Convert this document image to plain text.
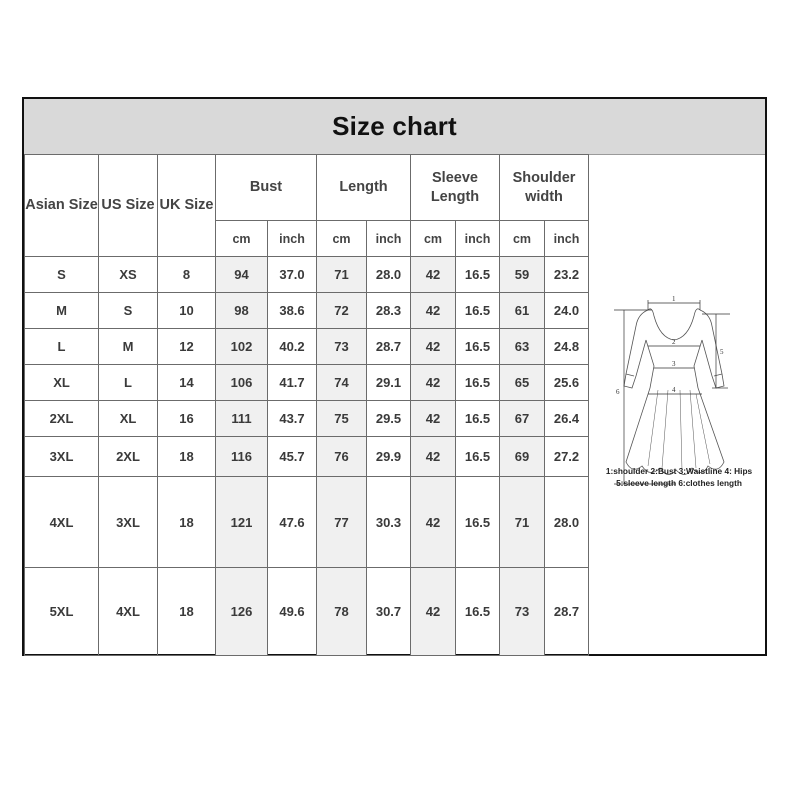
Size chart
Asian Size	US Size	UK Size	Bust		Length		Sleeve Length		Shoulder width	
			cm	inch	cm	inch	cm	inch	cm	inch
S	XS	8	94	37.0	71	28.0	42	16.5	59	23.2
M	S	10	98	38.6	72	28.3	42	16.5	61	24.0
L	M	12	102	40.2	73	28.7	42	16.5	63	24.8
XL	L	14	106	41.7	74	29.1	42	16.5	65	25.6
2XL	XL	16	111	43.7	75	29.5	42	16.5	67	26.4
3XL	2XL	18	116	45.7	76	29.9	42	16.5	69	27.2
4XL	3XL	18	121	47.6	77	30.3	42	16.5	71	28.0
5XL	4XL	18	126	49.6	78	30.7	42	16.5	73	28.7
1
2
3
4
5
6
1:shoulder 2:Bust 3:Waistline 4: Hips
5:sleeve length 6:clothes length
